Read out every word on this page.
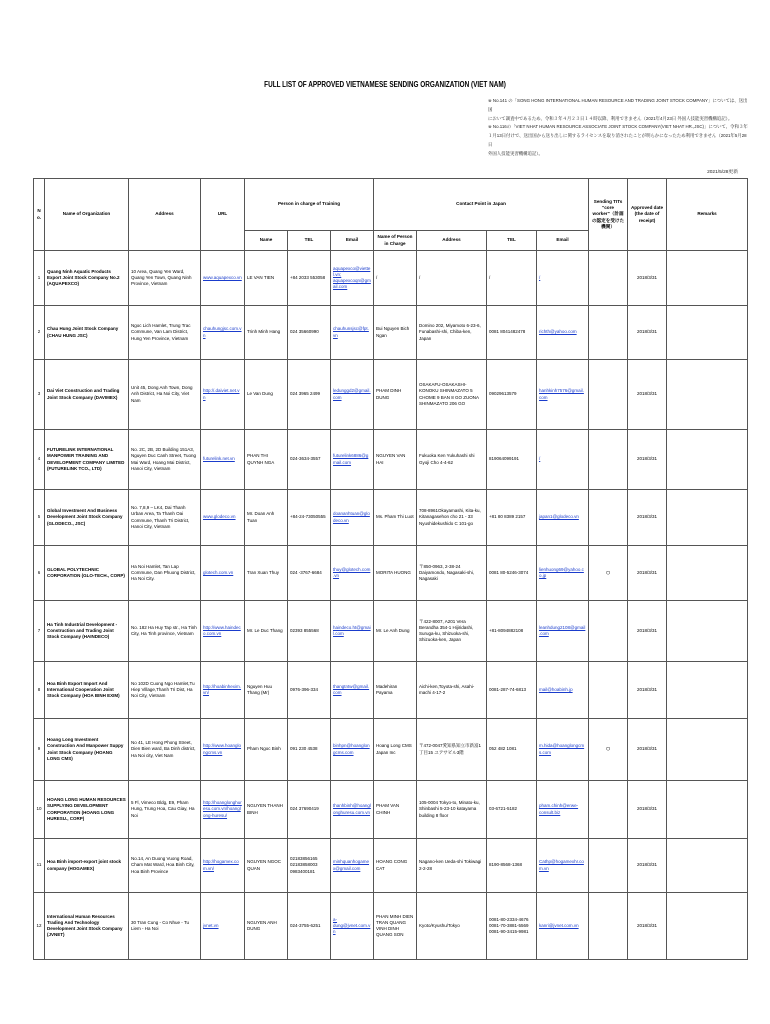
FULL LIST OF APPROVED VIETNAMESE SENDING ORGANIZATION (VIET NAM)
※ No.141 の「SONG HONG INTERNATIONAL HUMAN RESOURCE AND TRADING JOINT STOCK COMPANY」については、送出国
において調査中であるため、令和３年４月２３日１４時以降、利用できません（2021年4月23日 外国人技能実習機構追記）。
※ No.116の「VIET NHAT HUMAN RESOURCE ASSOCIATE JOINT STOCK COMPANY(VIET NHAT HR.,JSC)」について、令和３年
１月13日付けで、送出国から送り出しに関するライセンスを取り消されたことが明らかになったため利用できません（2021年5月28日
外国人技能実習機構追記）。
2021/5/28更新
No.	Name of Organization	Address	URL	Person in charge of Training			Contact Point in Japan				Sending TITs "core worker"（計画の認定を受けた機関）	Approved date (the date of receipt)	Remarks
				Name	TEL	Email	Name of Person in Charge	Address	TEL	Email			
1	Quang Ninh Aquatic Products Export Joint Stock Company No.2 (AQUAPEXCO)	10 Area, Quang Yen Ward, Quang Yen Town, Quang Ninh Province, Vietnam	www.aquapexco.vn	LE VAN TIEN	+84 2033 553058	aquapexco@viettel.vn; aquapexcoqn@gmail.com	/	/	/	/		2018/3/31	
2	Chau Hung Joint Stock Company (CHAU HUNG JSC)	Ngoc Lich Hamlet, Trung Trac Commune, Van Lam District, Hung Yen Province, Vietnam	chauhungjsc.com.vn	Trinh Minh Hang	024 35660990	chauhunsjsc@fpt.vn	Bui Nguyen Bich Ngan	Domino 202, Miyamoto 6-23-6, Funabashi-shi, Chiba-ken, Japan	0081 8041482478	richth@yahoo.com		2018/3/31	
3	Dai Viet Construction and Trading Joint Stock Company (DAVIMEX)	Unit 45, Dong Anh Town, Dong Anh District, Ha Noi City, Viet Nam	http://.daiviet.net.vn	Le Van Dung	024 3965 2499	ledunggd2@gmail.com	PHAM DINH DUNG	OSAKAFU-OSAKASHI-KONOKU SHINMAZATO 5 CHOME 9 BAN 8 GO ZUONA SHINMAZATO 206 GO	09029613579	hanhkinh7576@gmail.com		2018/3/31	
4	FUTURELINK INTERNATIONAL MANPOWER TRAINING AND DEVELOPMENT COMPANY LIMITED (FUTURELINK TCO., LTD)	No. 2C, 2B, 2D Building 151A3, Nguyen Duc Canh Street, Tuong Mai Ward, Hoang Mai District, Hanoi City, Vietnam	futurelink.net.vn	PHAN THI QUYNH NGA	024-3634-3557	futurelink6886@gmail.com	NGUYEN VAN HAI	Fukuoka Ken Yukuhashi shi Gyoji Cho 4-4-62	819064099191	/		2018/3/31	
5	Global Investment And Business Development Joint Stock Company (GLODECO., JSC)	No. 7,8,9 – LK4, Dai Thanh Urban Area, Ta Thanh Oai Commune, Thanh Tri District, Hanoi City, Vietnam	www.glodeco.vn	Mr. Doan Anh Tuan	+84-24-73050555	doananhtuan@glodeco.vn	Ms. Pham Thi Luot	708-8961Okayamashi, Kita-ku, Kitanagasehon cho 21 - 33 Nyushidekushido C 101-go	+81 80 8389 2157	japan1@glodeco.vn		2018/3/31	
6	GLOBAL POLYTECHNIC CORPORATION (GLO-TECH., CORP)	Ha Noi Hamlet, Tan Lap Commune, Dan Phuong District, Ha Noi City.	glotech.com.vn	Tran Xuan Thuy	024 -3767-6684	thuy@glotech.com.vn	MORITA HUONG	〒850-0963, 2-38-24 Daiyamondo, Nagasaki-shi, Nagasaki	0081 80-5246-3074	lienhuong69@yahoo.co.jp	○	2018/3/31	
7	Ha Tinh Industrial Development - Construction and Trading Joint Stock Company (HAINDECO)	No. 182 Ha Huy Tap str., Ha Tinh City, Ha Tinh province, Vietnam	http://www.haindeco.com.vn	Mr. Le Duc Thang	02393 855568	haindeco.ht@gmail.com	Mr. Le Anh Dung	〒422-8007, A201 Vera Berandha 354-1 Hijiridashi, Suruga-ku, Shizuoka-shi, Shizuoka-ken, Japan	+81-8094882108	leanhdung2108@gmail.com		2018/3/31	
8	Hoa Binh Export Import And International Cooperation Joint Stock Company (HOA BINH EXIM)	No 102D Cuong Ngo Hamlet,Tu Hiep Village,Thanh Tri Dist, Ha Noi City, Vietnam	http://hoabinhexim.vn/	Nguyen Huu Thang (Mr)	0976-396-334	thangtntw@gmail.com	Madehiran Payama	Aichi-ken,Toyota-shi, Asahi-machi 4-17-2	0081-287-74-6813	mail@hoabinh.jp		2018/3/31	
9	Hoang Long Investment Construction And Manpower Suppy Joint Stock Company (HOANG LONG CMS)	No 41, LE Hong Phong Street, Dien Bien ward, Ba Dinh district, Ha Noi city, Viet Nam	http://www.hoanglongcms.vn	Pham Ngoc Binh	091 230 4538	binhpn@hoanglongcms.com	Hoang Long CMS Japan Inc	〒472-0047愛知県知立市新富1丁目15 ユアサビル3階	052 482 1081	m.hida@hoanglongcms.com	○	2018/3/31	
10	HOANG LONG HUMAN RESOURCES SUPPLYING DEVELOPMENT CORPORATION (HOANG LONG HURESU., CORP)	5 Fl, Vimeco Bldg, E9, Pham Hung, Trung Hoa, Cau Giay, Ha Noi	http://hoanglonghuresu.com.vn/hoanglong-huresu/	NGUYEN THANH BINH	024 37690419	thanhbinh@hoanglonghuresu.com.vn	PHAM VAN CHINH	105-0004 Tokyo-to, Minato-ku, Shinbashi 5-23-10 katayama building 8 floor	03-6721-5182	pham.chinh@erwe-consult.biz		2018/3/31	
11	Hoa Binh import-export joint stock company (HOGAMEX)	No.14, An Duong Vuong Road, Cham Mat Ward, Hoa Binh City, Hoa Binh Province	http://hogamex.com.vn/	NGUYEN NGOC QUAN	02183856165 02183858003 0983400181	minhquanhogamex@gmail.com	HOANG CONG CAT	Nagano-ken Ueda-shi Tokiwagi 2-2-28	8190-8568-1368	Cathp@hogamexhr.com.vn		2018/3/31	
12	International Human Resources Trading And Technology Development Joint Stock Company (JVNET)	30 Tran Cung - Co Nhue - Tu Liem - Ha Noi	jvnet.vn	NGUYEN ANH DUNG	024-3755-6251	a-dung@jvnet.com.vn	PHAN MINH DIEN TRAN QUANG VINH DINH QUANG SON	Kyoto/Kyushu/Tokyo	0081-80-2334-4676 0081-70-3881-5569 0081-90-3415-9981	kanri@jvnet.com.vn		2018/3/31	
